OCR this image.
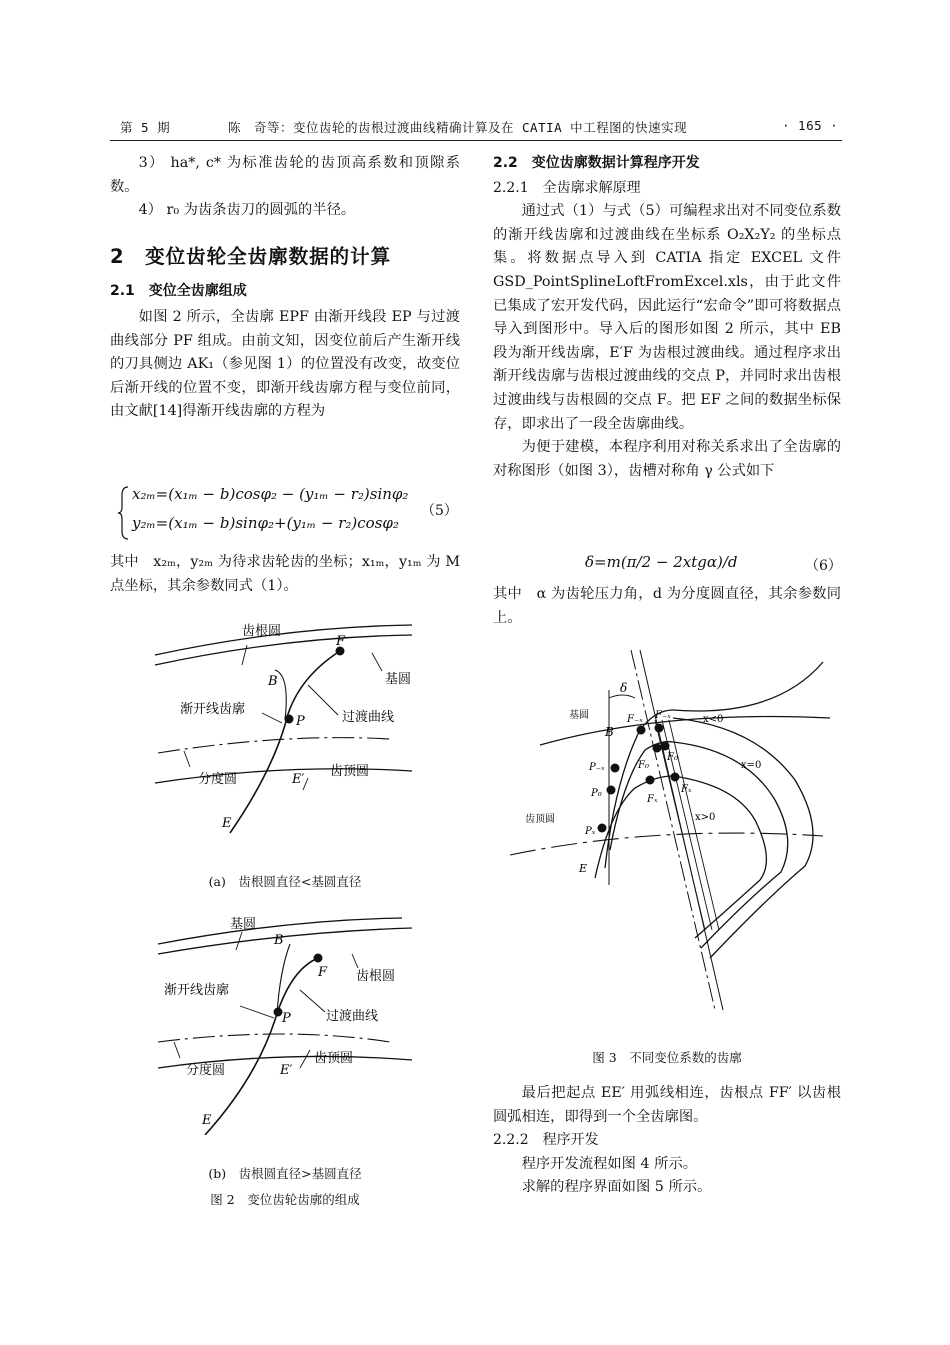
第 5 期	陈　奇等：变位齿轮的齿根过渡曲线精确计算及在 CATIA 中工程图的快速实现	· 165 ·

3） ha*, c* 为标准齿轮的齿顶高系数和顶隙系数。

4） r₀ 为齿条齿刀的圆弧的半径。

2　变位齿轮全齿廓数据的计算

2.1　变位全齿廓组成

如图 2 所示，全齿廓 EPF 由渐开线段 EP 与过渡曲线部分 PF 组成。由前文知，因变位前后产生渐开线的刀具侧边 AK₁（参见图 1）的位置没有改变，故变位后渐开线的位置不变，即渐开线齿廓方程与变位前同，由文献[14]得渐开线齿廓的方程为

x₂ₘ=(x₁ₘ − b)cosφ₂ − (y₁ₘ − r₂)sinφ₂
y₂ₘ=(x₁ₘ − b)sinφ₂+(y₁ₘ − r₂)cosφ₂
（5）

其中　x₂ₘ，y₂ₘ 为待求齿轮齿的坐标；x₁ₘ，y₁ₘ 为 M 点坐标，其余参数同式（1）。

齿根圆
F
B	基圆
渐开线齿廓
P	过渡曲线
分度圆	E′
齿顶圆
E
(a)　齿根圆直径<基圆直径
基圆
B
F 齿根圆
渐开线齿廓
P	过渡曲线
齿顶圆
分度圆	E′
E
(b)　齿根圆直径>基圆直径
图 2　变位齿轮齿廓的组成

2.2　变位齿廓数据计算程序开发

2.2.1　全齿廓求解原理

通过式（1）与式（5）可编程求出对不同变位系数的渐开线齿廓和过渡曲线在坐标系 O₂X₂Y₂ 的坐标点集。将数据点导入到 CATIA 指定 EXCEL 文件 GSD_PointSplineLoftFromExcel.xls，由于此文件已集成了宏开发代码，因此运行“宏命令”即可将数据点导入到图形中。导入后的图形如图 2 所示，其中 EB 段为渐开线齿廓，E′F 为齿根过渡曲线。通过程序求出渐开线齿廓与齿根过渡曲线的交点 P，并同时求出齿根过渡曲线与齿根圆的交点 F。把 EF 之间的数据坐标保存，即求出了一段全齿廓曲线。

为便于建模，本程序利用对称关系求出了全齿廓的对称图形（如图 3），齿槽对称角 γ 公式如下

δ=m(π/2 − 2xtgα)/d	（6）

其中　α 为齿轮压力角，d 为分度圆直径，其余参数同上。

δ
基圆
B
F₋ₓ F₋ₓ	x<0
F₀
F₀
P₋ₓ	x=0
P₀
Fₓ
Fₓ
齿顶圆	x>0
Pₓ
E
图 3　不同变位系数的齿廓

最后把起点 EE′ 用弧线相连，齿根点 FF′ 以齿根圆弧相连，即得到一个全齿廓图。

2.2.2　程序开发

程序开发流程如图 4 所示。

求解的程序界面如图 5 所示。
